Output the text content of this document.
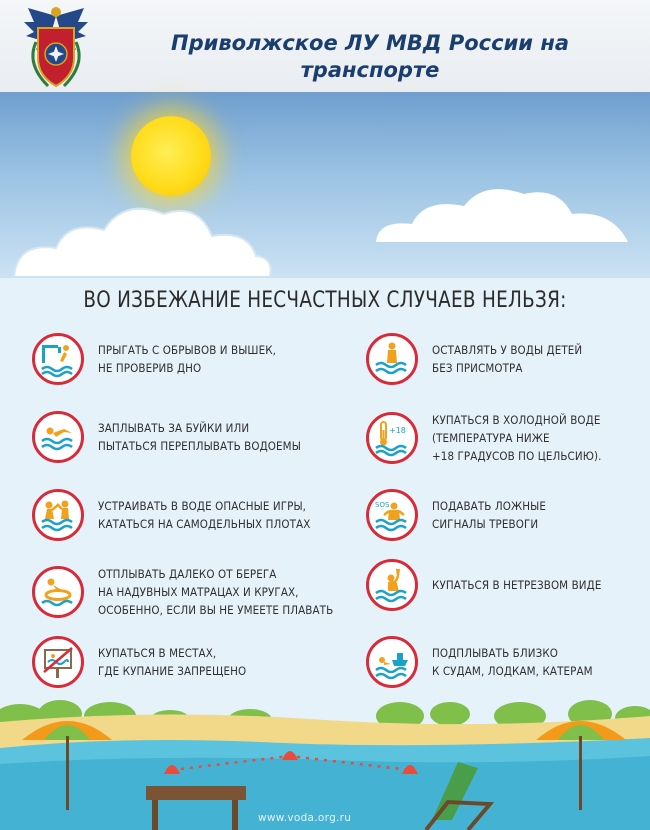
Приволжское ЛУ МВД России на транспорте
ВО ИЗБЕЖАНИЕ НЕСЧАСТНЫХ СЛУЧАЕВ НЕЛЬЗЯ:
ПРЫГАТЬ С ОБРЫВОВ И ВЫШЕК,
НЕ ПРОВЕРИВ ДНО
ЗАПЛЫВАТЬ ЗА БУЙКИ ИЛИ
ПЫТАТЬСЯ ПЕРЕПЛЫВАТЬ ВОДОЕМЫ
УСТРАИВАТЬ В ВОДЕ ОПАСНЫЕ ИГРЫ,
КАТАТЬСЯ НА САМОДЕЛЬНЫХ ПЛОТАХ
ОТПЛЫВАТЬ ДАЛЕКО ОТ БЕРЕГА
НА НАДУВНЫХ МАТРАЦАХ И КРУГАХ,
ОСОБЕННО, ЕСЛИ ВЫ НЕ УМЕЕТЕ ПЛАВАТЬ
КУПАТЬСЯ В МЕСТАХ,
ГДЕ КУПАНИЕ ЗАПРЕЩЕНО
ОСТАВЛЯТЬ У ВОДЫ ДЕТЕЙ
БЕЗ ПРИСМОТРА
+18
КУПАТЬСЯ В ХОЛОДНОЙ ВОДЕ
(ТЕМПЕРАТУРА НИЖЕ
+18 ГРАДУСОВ ПО ЦЕЛЬСИЮ).
SOS	ПОДАВАТЬ ЛОЖНЫЕ
СИГНАЛЫ ТРЕВОГИ
КУПАТЬСЯ В НЕТРЕЗВОМ ВИДЕ
ПОДПЛЫВАТЬ БЛИЗКО
К СУДАМ, ЛОДКАМ, КАТЕРАМ
www.voda.org.ru
